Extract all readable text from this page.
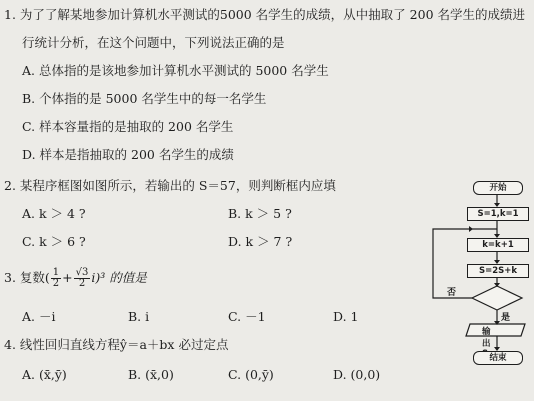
1. 为了了解某地参加计算机水平测试的5000 名学生的成绩，从中抽取了 200 名学生的成绩进
行统计分析，在这个问题中，下列说法正确的是
A. 总体指的是该地参加计算机水平测试的 5000 名学生
B. 个体指的是 5000 名学生中的每一名学生
C. 样本容量指的是抽取的 200 名学生
D. 样本是指抽取的 200 名学生的成绩
2. 某程序框图如图所示，若输出的 S＝57，则判断框内应填
A. k ＞ 4 ?	B. k ＞ 5 ?
C. k ＞ 6 ?	D. k ＞ 7 ?
3. 复数( $\frac{1}{2} + \frac{√3}{2} i)^3$ 的值是
A. －i	B. i	C. －1	D. 1
4. 线性回归直线方程ŷ＝a＋bx 必过定点
A. (x̄,ȳ)	B. (x̄,0)	C. (0,ȳ)	D. (0,0)
开始
S=1,k=1
k=k+1
S=2S+k
否
是
输出
结束
